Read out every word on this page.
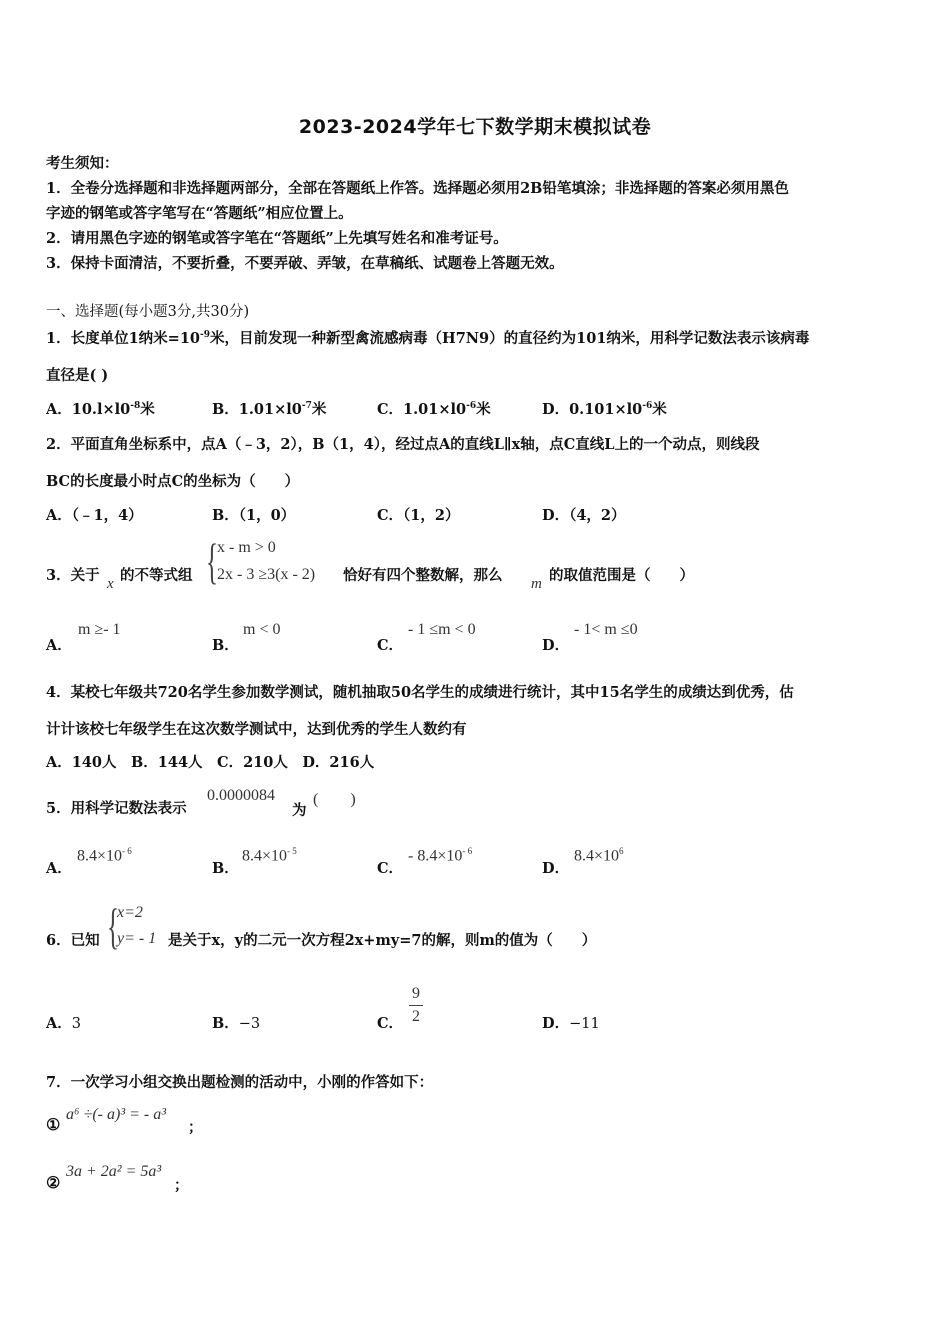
2023-2024学年七下数学期末模拟试卷
考生须知：
1．全卷分选择题和非选择题两部分，全部在答题纸上作答。选择题必须用2B铅笔填涂；非选择题的答案必须用黑色
字迹的钢笔或答字笔写在“答题纸”相应位置上。
2．请用黑色字迹的钢笔或答字笔在“答题纸”上先填写姓名和准考证号。
3．保持卡面清洁，不要折叠，不要弄破、弄皱，在草稿纸、试题卷上答题无效。
一、选择题(每小题3分,共30分)
1．长度单位1纳米$=10^{-9}$米，目前发现一种新型禽流感病毒（H7N9）的直径约为101纳米，用科学记数法表示该病毒
直径是( )
A．$10.l\times l0^{-8}$米	B．$1.01\times l0^{-7}$米	C．$1.01\times l0^{-6}$米	D．$0.101\times l0^{-6}$米
2．平面直角坐标系中，点A（﹣3，2），B（1，4），经过点A的直线L∥x轴，点C直线L上的一个动点，则线段
BC的长度最小时点C的坐标为（　　）
A．（﹣1，4）	B．（1，0）	C．（1，2）	D．（4，2）
3．关于 x 的不等式组 { x - m > 0
2x - 3 ≥3(x - 2) 恰好有四个整数解，那么 m 的取值范围是（　　）
A．
m ≥- 1
B．
m < 0
C．
- 1 ≤m < 0
D．
- 1< m ≤0
4．某校七年级共720名学生参加数学测试，随机抽取50名学生的成绩进行统计，其中15名学生的成绩达到优秀，估
计计该校七年级学生在这次数学测试中，达到优秀的学生人数约有
A．140人　B．144人　C．210人　D．216人
5．用科学记数法表示
0.0000084
为
(　　)
A．
$8.4\times 10^{- 6}$
B．
$8.4\times 10^{- 5}$
C．
- $8.4\times 10^{- 6}$
D．
$8.4\times 10^6$
6．已知 {
x=2
y= - 1 是关于x，y的二元一次方程2x+my=7的解，则m的值为（　　）
A．3	B．−3	C． $\frac{9}{2}$	D．−11
7．一次学习小组交换出题检测的活动中，小刚的作答如下：
①
a⁶ ÷(- a)³ = - a³
；
②
3a + 2a² = 5a³
；
